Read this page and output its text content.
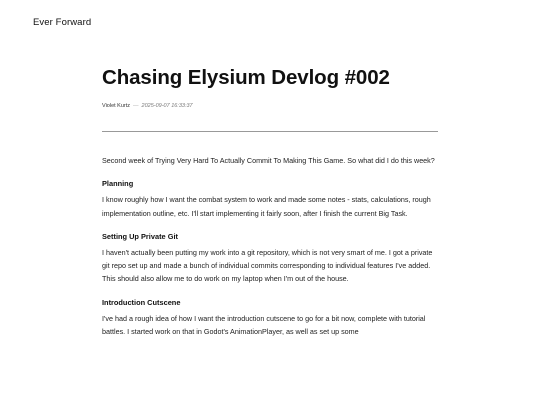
Ever Forward
Chasing Elysium Devlog #002
Violet Kurtz — 2025-09-07 16:33:37

Second week of Trying Very Hard To Actually Commit To Making This Game. So what did I do this week?

Planning

I know roughly how I want the combat system to work and made some notes - stats, calculations, rough implementation outline, etc. I'll start implementing it fairly soon, after I finish the current Big Task.

Setting Up Private Git

I haven't actually been putting my work into a git repository, which is not very smart of me. I got a private git repo set up and made a bunch of individual commits corresponding to individual features I've added. This should also allow me to do work on my laptop when I'm out of the house.

Introduction Cutscene

I've had a rough idea of how I want the introduction cutscene to go for a bit now, complete with tutorial battles. I started work on that in Godot's AnimationPlayer, as well as set up some
